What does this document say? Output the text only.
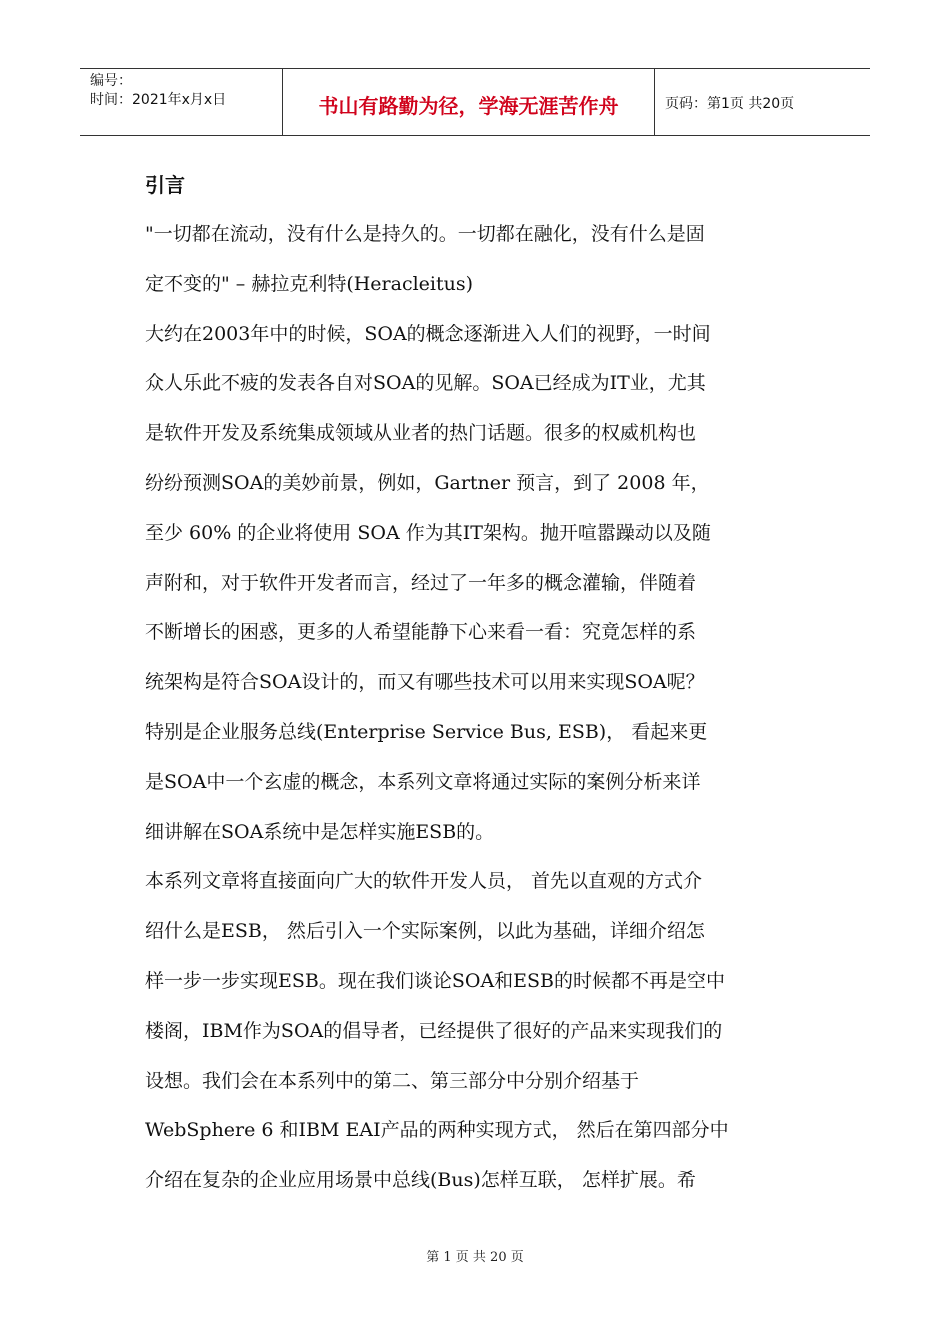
编号：
时间：2021年x月x日	书山有路勤为径，学海无涯苦作舟	页码：第1页 共20页
引言

"一切都在流动，没有什么是持久的。一切都在融化，没有什么是固

定不变的" – 赫拉克利特(Heracleitus)

大约在2003年中的时候，SOA的概念逐渐进入人们的视野，一时间

众人乐此不疲的发表各自对SOA的见解。SOA已经成为IT业，尤其

是软件开发及系统集成领域从业者的热门话题。很多的权威机构也

纷纷预测SOA的美妙前景，例如，Gartner 预言，到了 2008 年，

至少 60% 的企业将使用 SOA 作为其IT架构。抛开喧嚣躁动以及随

声附和，对于软件开发者而言，经过了一年多的概念灌输，伴随着

不断增长的困惑，更多的人希望能静下心来看一看：究竟怎样的系

统架构是符合SOA设计的，而又有哪些技术可以用来实现SOA呢？

特别是企业服务总线(Enterprise Service Bus, ESB)， 看起来更

是SOA中一个玄虚的概念，本系列文章将通过实际的案例分析来详

细讲解在SOA系统中是怎样实施ESB的。

本系列文章将直接面向广大的软件开发人员， 首先以直观的方式介

绍什么是ESB， 然后引入一个实际案例，以此为基础，详细介绍怎

样一步一步实现ESB。现在我们谈论SOA和ESB的时候都不再是空中

楼阁，IBM作为SOA的倡导者，已经提供了很好的产品来实现我们的

设想。我们会在本系列中的第二、第三部分中分别介绍基于

WebSphere 6 和IBM EAI产品的两种实现方式， 然后在第四部分中

介绍在复杂的企业应用场景中总线(Bus)怎样互联， 怎样扩展。希

第 1 页 共 20 页
